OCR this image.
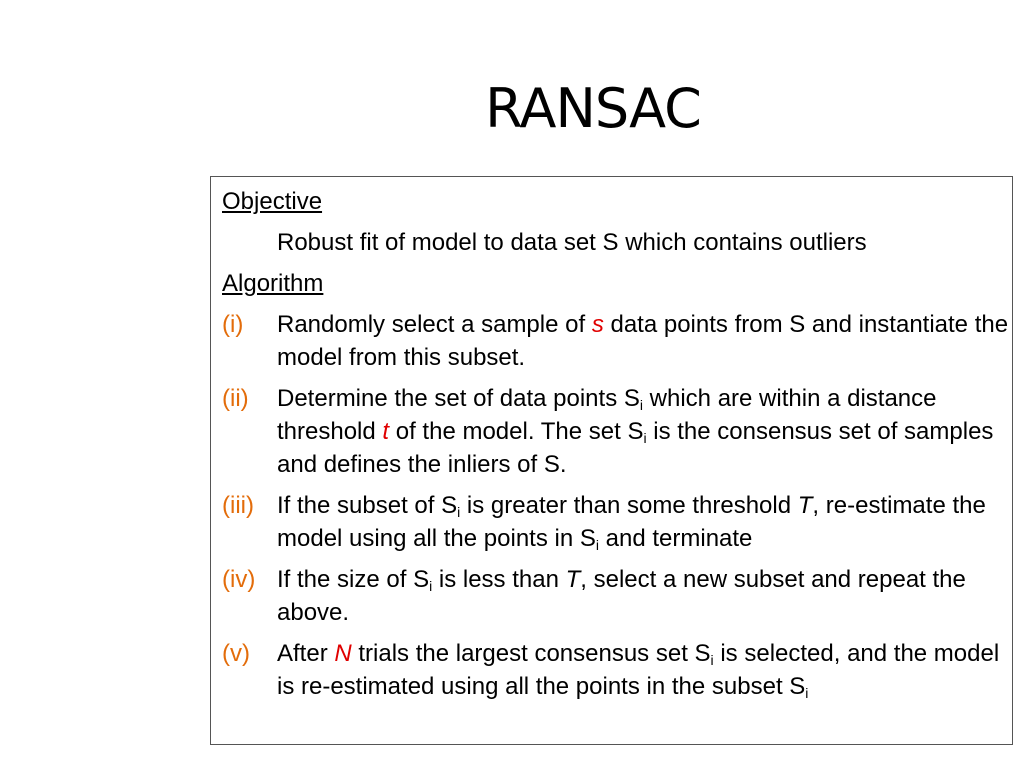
RANSAC
Objective
Robust fit of model to data set S which contains outliers
Algorithm
(i)	Randomly select a sample of s data points from S and instantiate the model from this subset.
(ii)	Determine the set of data points $S_i$ which are within a distance threshold t of the model. The set $S_i$ is the consensus set of samples and defines the inliers of S.
(iii) If the subset of $S_i$ is greater than some threshold T, re-estimate the model using all the points in $S_i$ and terminate
(iv) If the size of $S_i$ is less than T, select a new subset and repeat the above.
(v)	After N trials the largest consensus set $S_i$ is selected, and the model is re-estimated using all the points in the subset $S_i$
